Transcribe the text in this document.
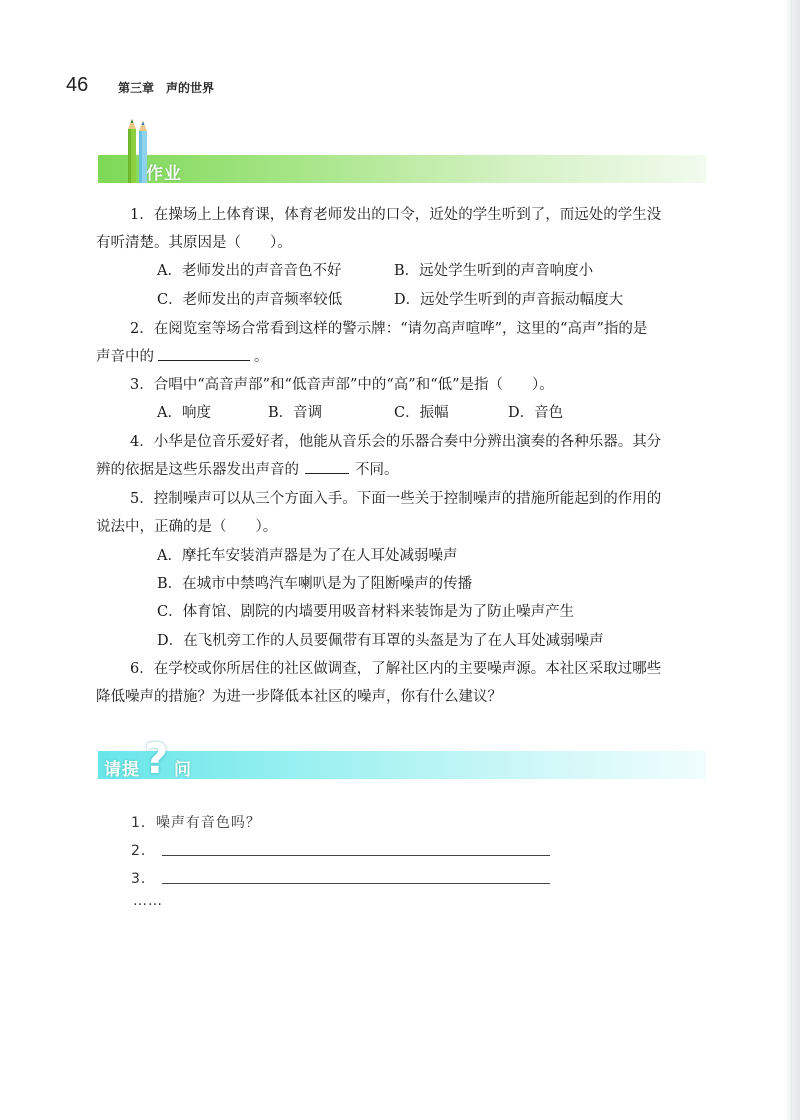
46 第三章 声的世界
作业
1．在操场上上体育课，体育老师发出的口令，近处的学生听到了，而远处的学生没
有听清楚。其原因是（　　）。
A．老师发出的声音音色不好	B．远处学生听到的声音响度小
C．老师发出的声音频率较低	D．远处学生听到的声音振动幅度大
2．在阅览室等场合常看到这样的警示牌：“请勿高声喧哗”，这里的“高声”指的是
声音中的	。
3．合唱中“高音声部”和“低音声部”中的“高”和“低”是指（　　）。
A．响度	B．音调	C．振幅	D．音色
4．小华是位音乐爱好者，他能从音乐会的乐器合奏中分辨出演奏的各种乐器。其分
辨的依据是这些乐器发出声音的	不同。
5．控制噪声可以从三个方面入手。下面一些关于控制噪声的措施所能起到的作用的
说法中，正确的是（　　）。
A．摩托车安装消声器是为了在人耳处减弱噪声
B．在城市中禁鸣汽车喇叭是为了阻断噪声的传播
C．体育馆、剧院的内墙要用吸音材料来装饰是为了防止噪声产生
D．在飞机旁工作的人员要佩带有耳罩的头盔是为了在人耳处减弱噪声
6．在学校或你所居住的社区做调查，了解社区内的主要噪声源。本社区采取过哪些
降低噪声的措施？为进一步降低本社区的噪声，你有什么建议？
请提 ? 问
1．噪声有音色吗？
2．
3．
……
